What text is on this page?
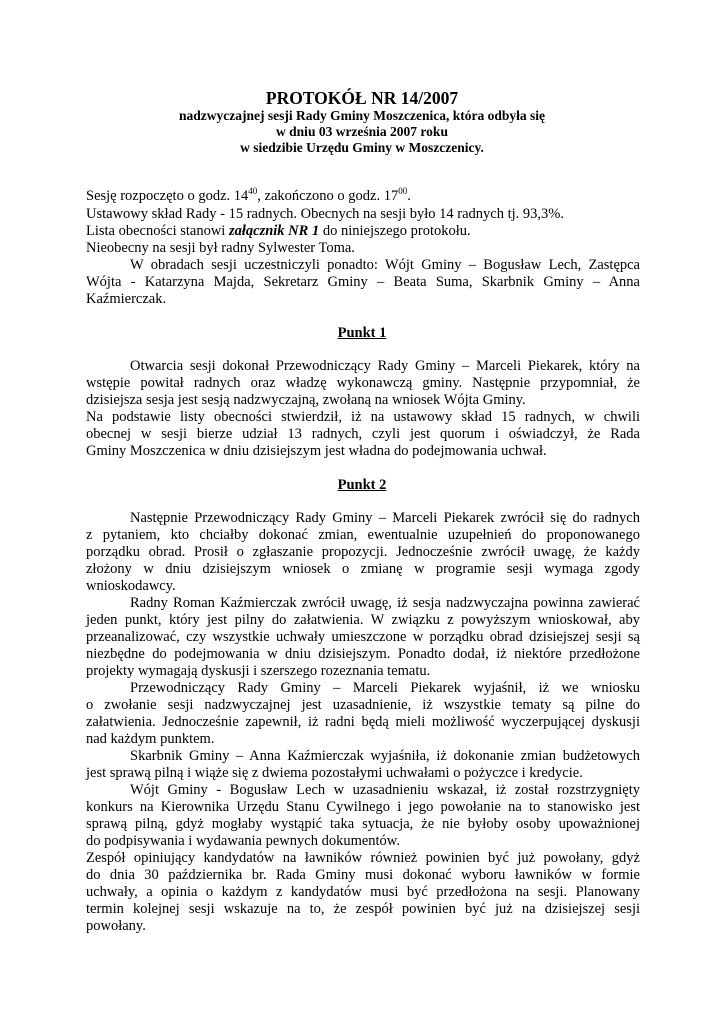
PROTOKÓŁ NR 14/2007
nadzwyczajnej sesji Rady Gminy Moszczenica, która odbyła się
w dniu 03 września 2007 roku
w siedzibie Urzędu Gminy w Moszczenicy.

Sesję rozpoczęto o godz. $14^{40}$, zakończono o godz. $17^{00}$.

Ustawowy skład Rady - 15 radnych. Obecnych na sesji było 14 radnych tj. 93,3%.

Lista obecności stanowi załącznik NR 1 do niniejszego protokołu.

Nieobecny na sesji był radny Sylwester Toma.

W obradach sesji uczestniczyli ponadto: Wójt Gminy – Bogusław Lech, Zastępca

Wójta - Katarzyna Majda, Sekretarz Gminy – Beata Suma, Skarbnik Gminy – Anna

Kaźmierczak.

Punkt 1

Otwarcia sesji dokonał Przewodniczący Rady Gminy – Marceli Piekarek, który na

wstępie powitał radnych oraz władzę wykonawczą gminy. Następnie przypomniał, że

dzisiejsza sesja jest sesją nadzwyczajną, zwołaną na wniosek Wójta Gminy.

Na podstawie listy obecności stwierdził, iż na ustawowy skład 15 radnych, w chwili

obecnej w sesji bierze udział 13 radnych, czyli jest quorum i oświadczył, że Rada

Gminy Moszczenica w dniu dzisiejszym jest władna do podejmowania uchwał.

Punkt 2

Następnie Przewodniczący Rady Gminy – Marceli Piekarek zwrócił się do radnych

z pytaniem, kto chciałby dokonać zmian, ewentualnie uzupełnień do proponowanego

porządku obrad. Prosił o zgłaszanie propozycji. Jednocześnie zwrócił uwagę, że każdy

złożony w dniu dzisiejszym wniosek o zmianę w programie sesji wymaga zgody

wnioskodawcy.

Radny Roman Kaźmierczak zwrócił uwagę, iż sesja nadzwyczajna powinna zawierać

jeden punkt, który jest pilny do załatwienia. W związku z powyższym wnioskował, aby

przeanalizować, czy wszystkie uchwały umieszczone w porządku obrad dzisiejszej sesji są

niezbędne do podejmowania w dniu dzisiejszym. Ponadto dodał, iż niektóre przedłożone

projekty wymagają dyskusji i szerszego rozeznania tematu.

Przewodniczący Rady Gminy – Marceli Piekarek wyjaśnił, iż we wniosku

o zwołanie sesji nadzwyczajnej jest uzasadnienie, iż wszystkie tematy są pilne do

załatwienia. Jednocześnie zapewnił, iż radni będą mieli możliwość wyczerpującej dyskusji

nad każdym punktem.

Skarbnik Gminy – Anna Kaźmierczak wyjaśniła, iż dokonanie zmian budżetowych

jest sprawą pilną i wiąże się z dwiema pozostałymi uchwałami o pożyczce i kredycie.

Wójt Gminy - Bogusław Lech w uzasadnieniu wskazał, iż został rozstrzygnięty

konkurs na Kierownika Urzędu Stanu Cywilnego i jego powołanie na to stanowisko jest

sprawą pilną, gdyż mogłaby wystąpić taka sytuacja, że nie byłoby osoby upoważnionej

do podpisywania i wydawania pewnych dokumentów.

Zespół opiniujący kandydatów na ławników również powinien być już powołany, gdyż

do dnia 30 października br. Rada Gminy musi dokonać wyboru ławników w formie

uchwały, a opinia o każdym z kandydatów musi być przedłożona na sesji. Planowany

termin kolejnej sesji wskazuje na to, że zespół powinien być już na dzisiejszej sesji

powołany.
